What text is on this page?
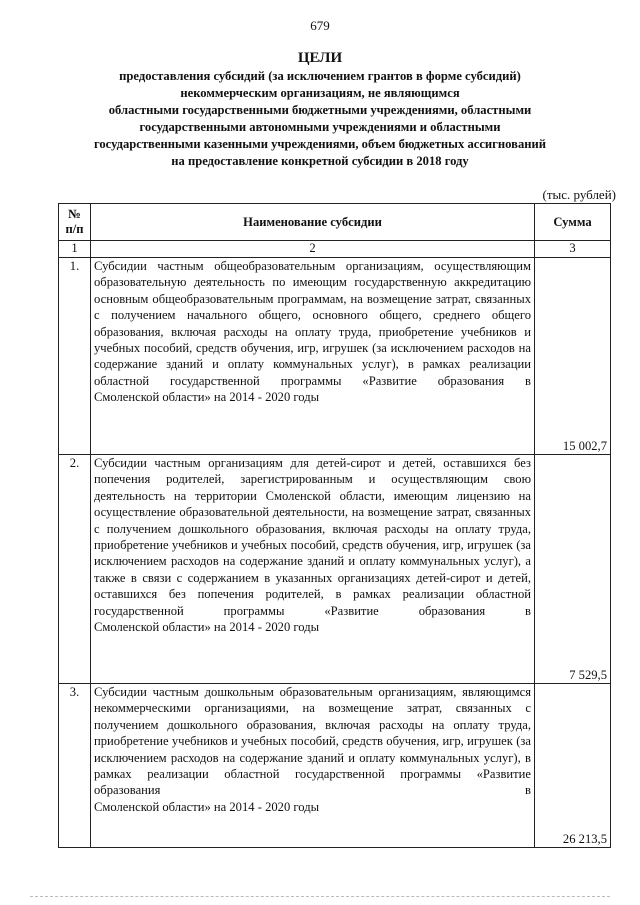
679
ЦЕЛИ
предоставления субсидий (за исключением грантов в форме субсидий)
некоммерческим организациям, не являющимся
областными государственными бюджетными учреждениями, областными
государственными автономными учреждениями и областными
государственными казенными учреждениями, объем бюджетных ассигнований
на предоставление конкретной субсидии в 2018 году
(тыс. рублей)
№ п/п	Наименование субсидии	Сумма
1	2	3
1.	Субсидии частным общеобразовательным организациям, осуществляющим образовательную деятельность по имеющим государственную аккредитацию основным общеобразовательным программам, на возмещение затрат, связанных с получением начального общего, основного общего, среднего общего образования, включая расходы на оплату труда, приобретение учебников и учебных пособий, средств обучения, игр, игрушек (за исключением расходов на содержание зданий и оплату коммунальных услуг), в рамках реализации областной государственной программы «Развитие образования в
Смоленской области» на 2014 - 2020 годы	15 002,7
2.	Субсидии частным организациям для детей-сирот и детей, оставшихся без попечения родителей, зарегистрированным и осуществляющим свою деятельность на территории Смоленской области, имеющим лицензию на осуществление образовательной деятельности, на возмещение затрат, связанных с получением дошкольного образования, включая расходы на оплату труда, приобретение учебников и учебных пособий, средств обучения, игр, игрушек (за исключением расходов на содержание зданий и оплату коммунальных услуг), а также в связи с содержанием в указанных организациях детей-сирот и детей, оставшихся без попечения родителей, в рамках реализации областной государственной программы «Развитие образования в
Смоленской области» на 2014 - 2020 годы	7 529,5
3.	Субсидии частным дошкольным образовательным организациям, являющимся некоммерческими организациями, на возмещение затрат, связанных с получением дошкольного образования, включая расходы на оплату труда, приобретение учебников и учебных пособий, средств обучения, игр, игрушек (за исключением расходов на содержание зданий и оплату коммунальных услуг), в рамках реализации областной государственной программы «Развитие образования в
Смоленской области» на 2014 - 2020 годы	26 213,5
